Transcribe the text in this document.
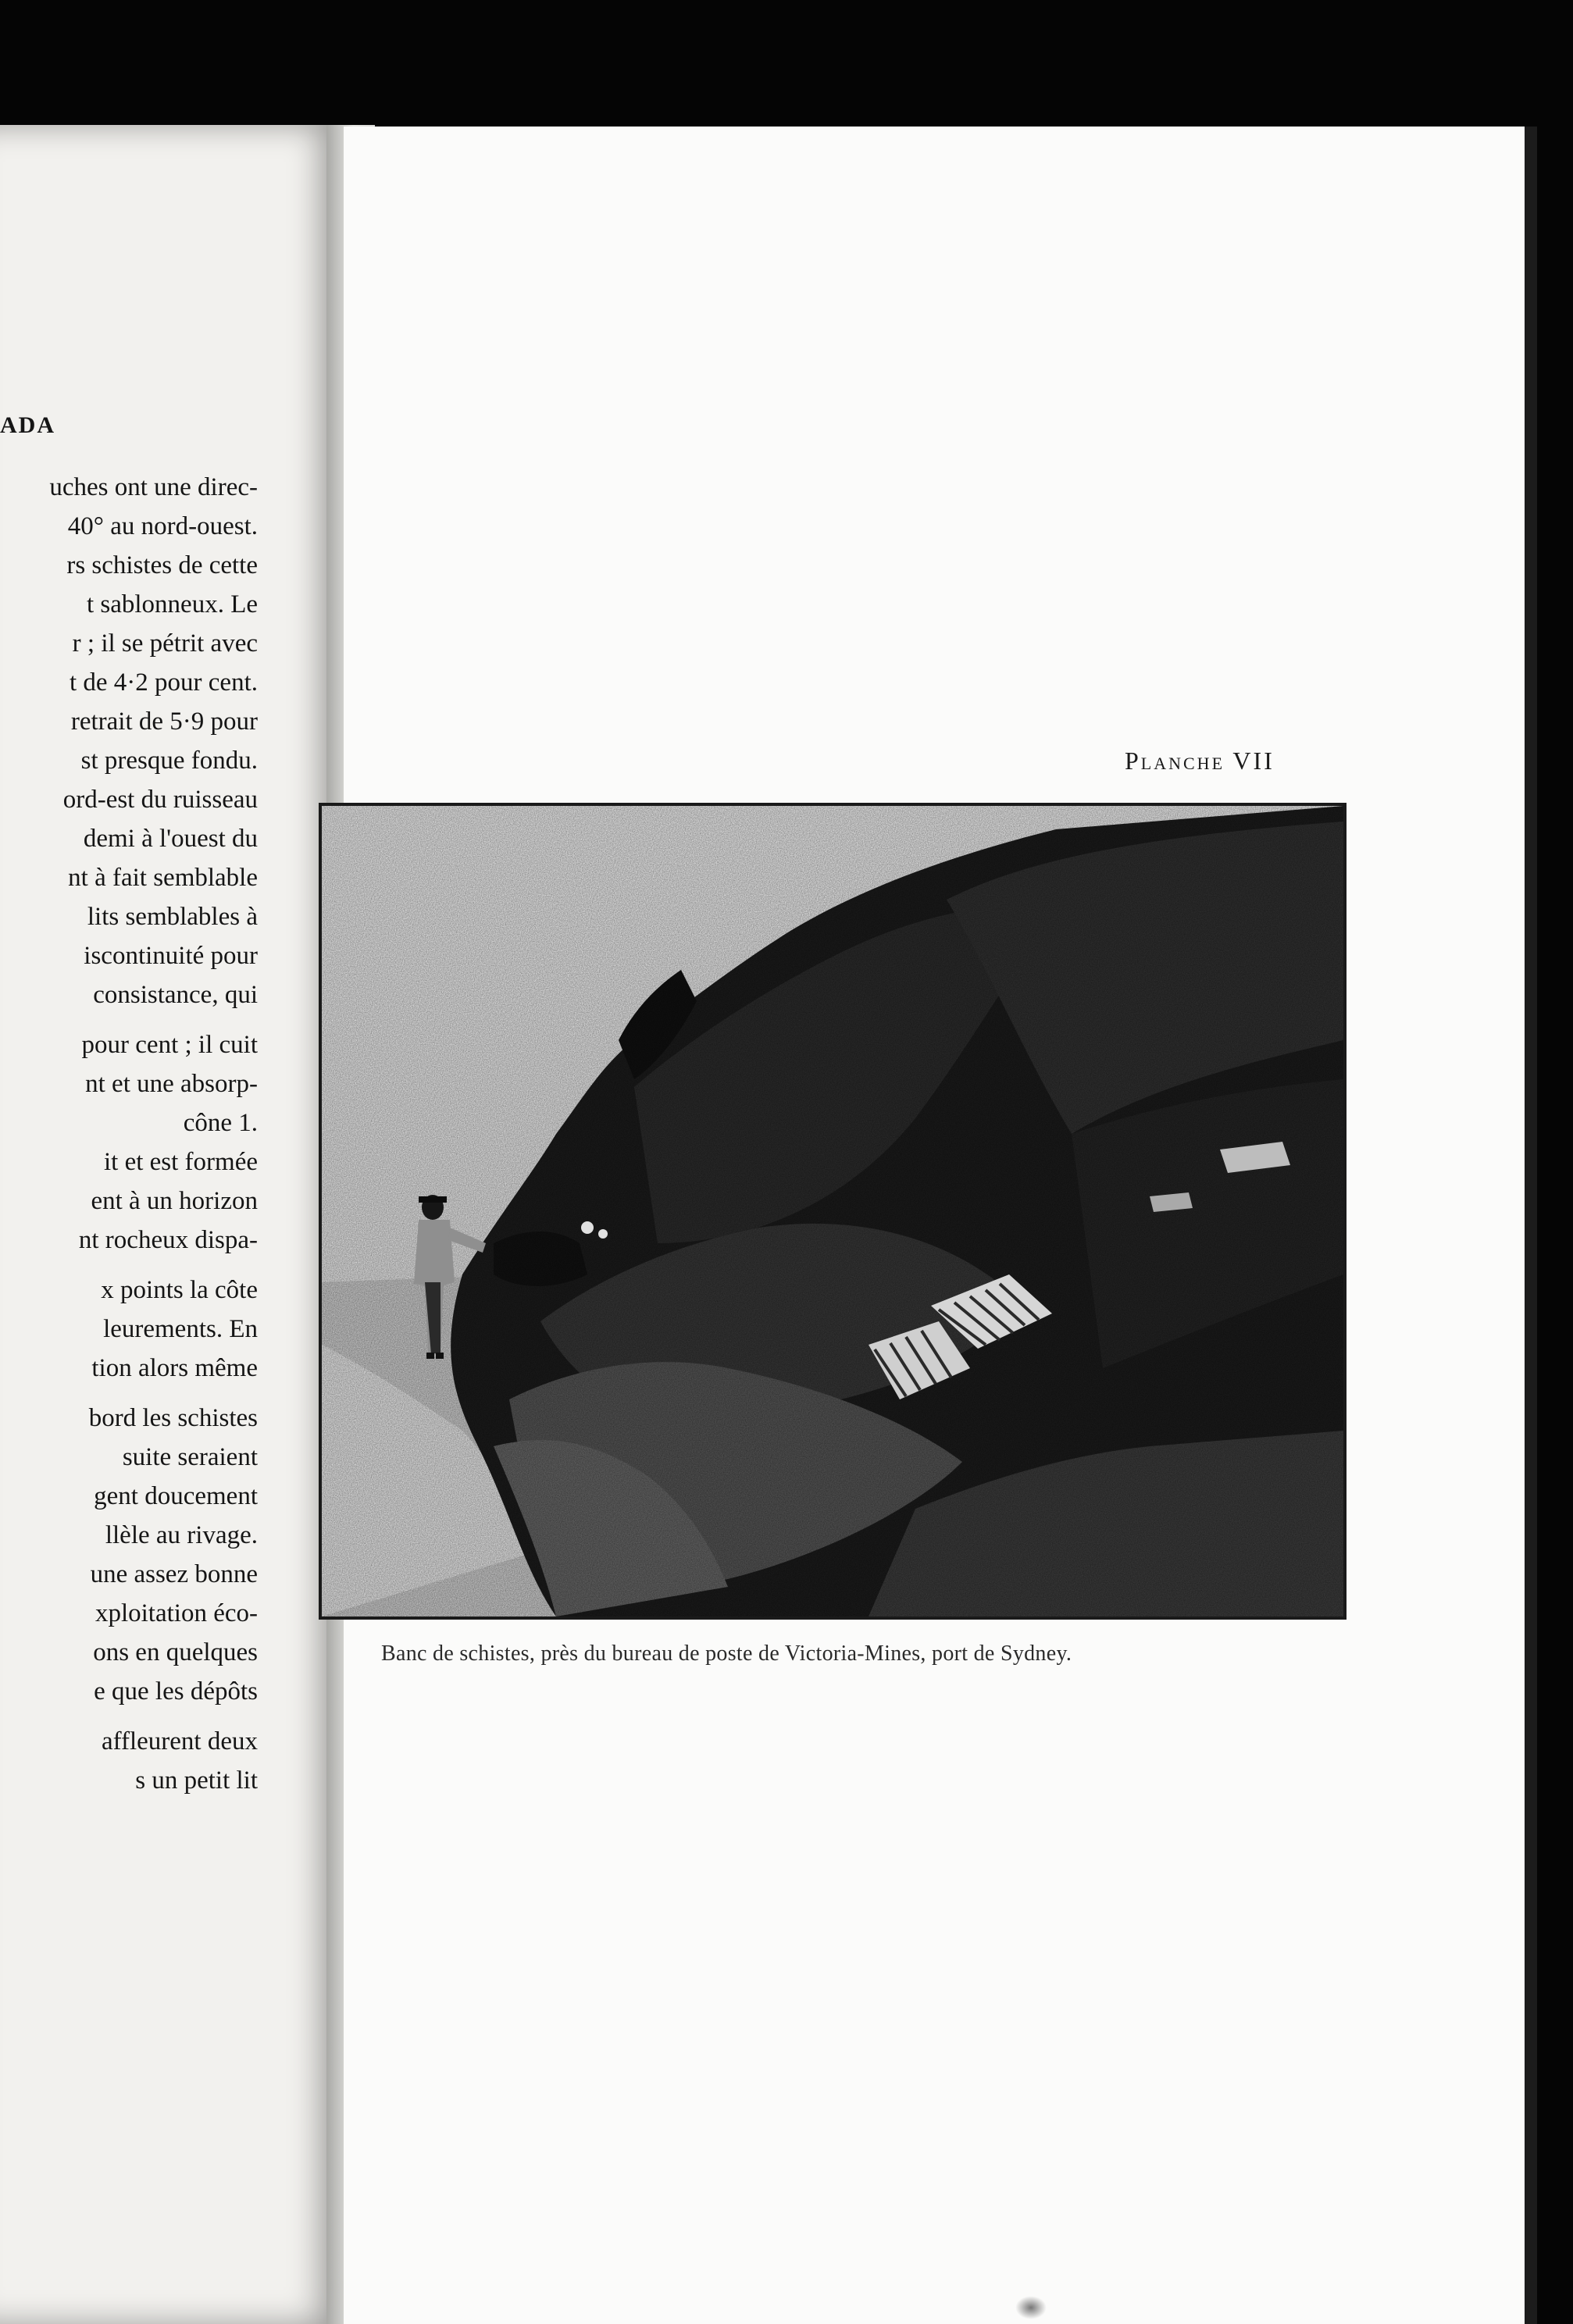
ADA
uches ont une direc-
40° au nord-ouest.
rs schistes de cette
t sablonneux. Le
r ; il se pétrit avec
t de 4·2 pour cent.
retrait de 5·9 pour
st presque fondu.
ord-est du ruisseau
demi à l'ouest du
nt à fait semblable
lits semblables à
iscontinuité pour
consistance, qui
pour cent ; il cuit
nt et une absorp-
cône 1.
it et est formée
ent à un horizon
nt rocheux dispa-
x points la côte
leurements. En
tion alors même
bord les schistes
suite seraient
gent doucement
llèle au rivage.
une assez bonne
xploitation éco-
ons en quelques
e que les dépôts
affleurent deux
s un petit lit
Planche VII
Banc de schistes, près du bureau de poste de Victoria-Mines, port de Sydney.
